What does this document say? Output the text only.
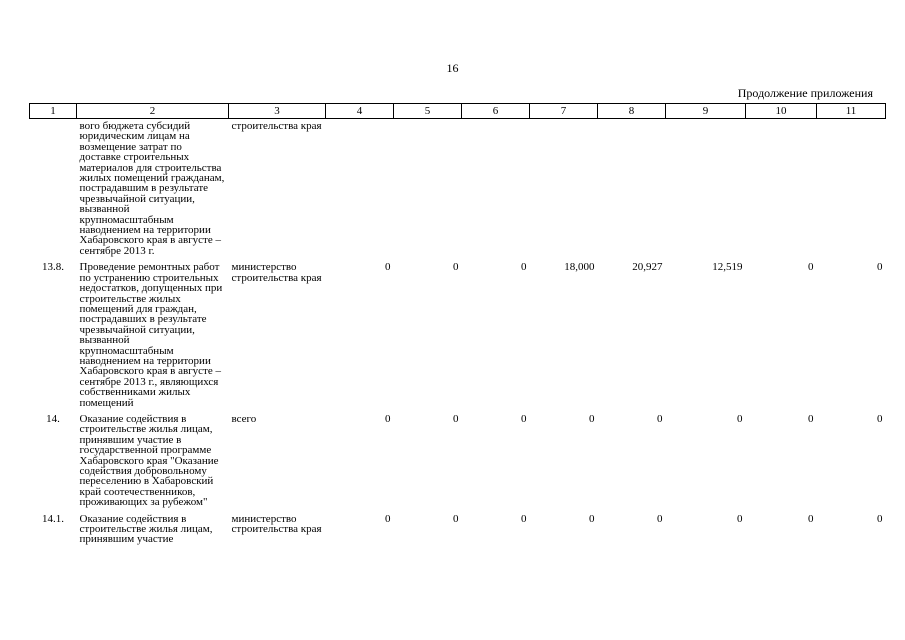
16
Продолжение приложения
1	2	3	4	5	6	7	8	9	10	11
	вого бюджета субсидий юридическим лицам на возмещение затрат по доставке строительных материалов для строительства жилых помещений гражданам, пострадавшим в результате чрезвычайной ситуации, вызванной крупномасштабным наводнением на территории Хабаровского края в августе – сентябре 2013 г.	строительства края								
13.8.	Проведение ремонтных работ по устранению строительных недостатков, допущенных при строительстве жилых помещений для граждан, пострадавших в результате чрезвычайной ситуации, вызванной крупномасштабным наводнением на территории Хабаровского края в августе – сентябре 2013 г., являющихся собственниками жилых помещений	министерство строительства края	0	0	0	18,000	20,927	12,519	0	0
14.	Оказание содействия в строительстве жилья лицам, принявшим участие в государственной программе Хабаровского края "Оказание содействия добровольному переселению в Хабаровский край соотечественников, проживающих за рубежом"	всего	0	0	0	0	0	0	0	0
14.1.	Оказание содействия в строительстве жилья лицам, принявшим участие	министерство строительства края	0	0	0	0	0	0	0	0
